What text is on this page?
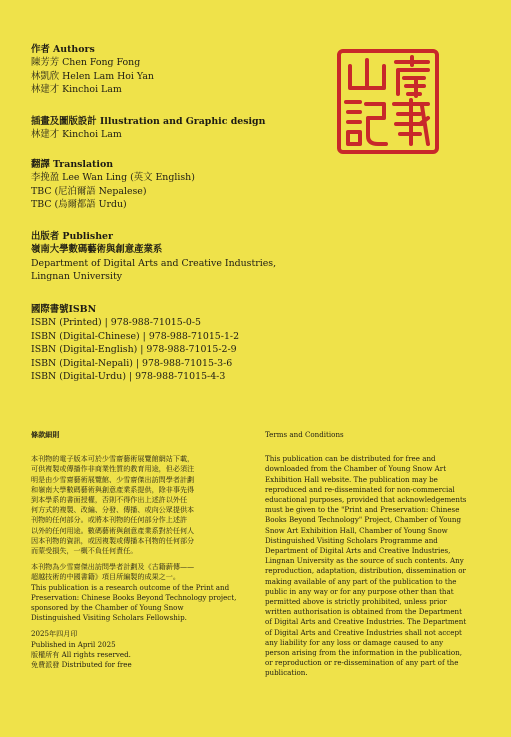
作者 Authors
陳芳芳 Chen Fong Fong
林凱欣 Helen Lam Hoi Yan
林建才 Kinchoi Lam
插畫及圖版設計 Illustration and Graphic design
林建才 Kinchoi Lam
翻譯 Translation
李挽盈 Lee Wan Ling (英文 English)
TBC (尼泊爾語 Nepalese)
TBC (烏爾都語 Urdu)
出版者 Publisher
嶺南大學數碼藝術與創意產業系
Department of Digital Arts and Creative Industries,
Lingnan University
國際書號ISBN
ISBN (Printed) | 978-988-71015-0-5
ISBN (Digital-Chinese) | 978-988-71015-1-2
ISBN (Digital-English) | 978-988-71015-2-9
ISBN (Digital-Nepali) | 978-988-71015-3-6
ISBN (Digital-Urdu) | 978-988-71015-4-3

條款細則

本刊物的電子版本可於少雪齋藝術展覽館網站下載，
可供複製或傳播作非商業性質的教育用途，但必須注
明是由少雪齋藝術展覽館、少雪齋傑出訪問學者計劃
和嶺南大學數碼藝術與創意產業系提供，除非事先得
到本學系的書面授權，否則不得作出上述許以外任
何方式的複製、改編、分發、傳播、或向公眾提供本
刊物的任何部分。或將本刊物的任何部分作上述許
以外的任何用途。數碼藝術與創意產業系對於任何人
因本刊物的資訊，或因複製或傳播本刊物的任何部分
而蒙受損失，一概不負任何責任。

本刊物為少雪齋傑出訪問學者計劃及《古籍薪傳——
超越技術的中國書籍》項目所編製的成果之一。
This publication is a research outcome of the Print and
Preservation: Chinese Books Beyond Technology project,
sponsored by the Chamber of Young Snow
Distinguished Visiting Scholars Fellowship.

2025年四月印
Published in April 2025
版權所有 All rights reserved.
免費派發 Distributed for free

Terms and Conditions

This publication can be distributed for free and
downloaded from the Chamber of Young Snow Art
Exhibition Hall website. The publication may be
reproduced and re-disseminated for non-commercial
educational purposes, provided that acknowledgements
must be given to the "Print and Preservation: Chinese
Books Beyond Technology" Project, Chamber of Young
Snow Art Exhibition Hall, Chamber of Young Snow
Distinguished Visiting Scholars Programme and
Department of Digital Arts and Creative Industries,
Lingnan University as the source of such contents. Any
reproduction, adaptation, distribution, dissemination or
making available of any part of the publication to the
public in any way or for any purpose other than that
permitted above is strictly prohibited, unless prior
written authorisation is obtained from the Department
of Digital Arts and Creative Industries. The Department
of Digital Arts and Creative Industries shall not accept
any liability for any loss or damage caused to any
person arising from the information in the publication,
or reproduction or re-dissemination of any part of the
publication.
